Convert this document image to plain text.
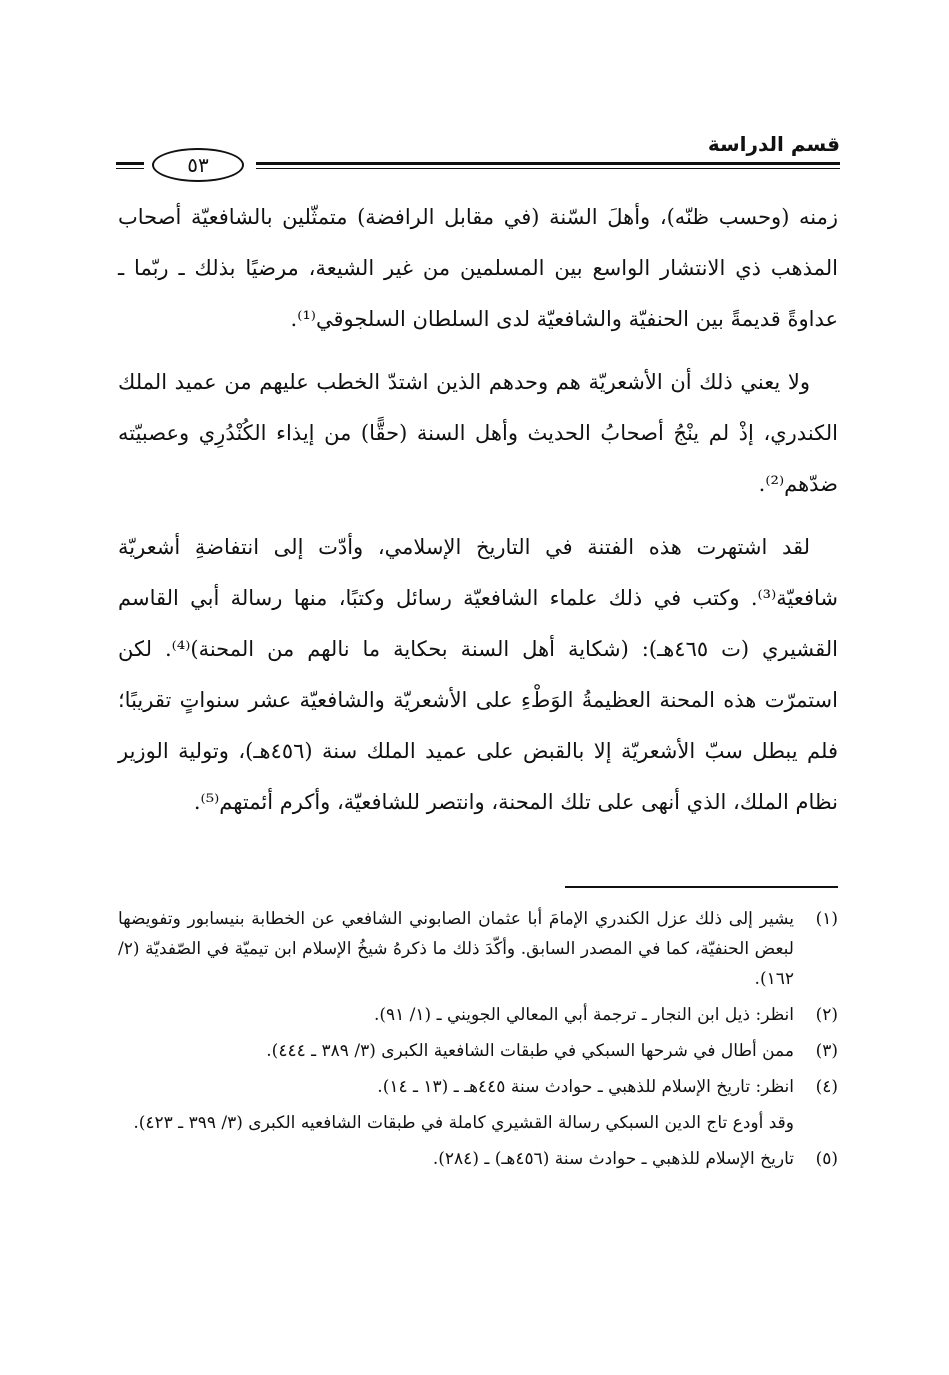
قسم الدراسة
٥٣

زمنه (وحسب ظنّه)، وأهلَ السّنة (في مقابل الرافضة) متمثّلين بالشافعيّة أصحاب المذهب ذي الانتشار الواسع بين المسلمين من غير الشيعة، مرضيًا بذلك ـ ربّما ـ عداوةً قديمةً بين الحنفيّة والشافعيّة لدى السلطان السلجوقي⁽¹⁾.

ولا يعني ذلك أن الأشعريّة هم وحدهم الذين اشتدّ الخطب عليهم من عميد الملك الكندري، إذْ لم ينْجُ أصحابُ الحديث وأهل السنة (حقًّا) من إيذاء الكُنْدُرِي وعصبيّته ضدّهم⁽²⁾.

لقد اشتهرت هذه الفتنة في التاريخ الإسلامي، وأدّت إلى انتفاضةِ أشعريّة شافعيّة⁽³⁾. وكتب في ذلك علماء الشافعيّة رسائل وكتبًا، منها رسالة أبي القاسم القشيري (ت ٤٦٥هـ): (شكاية أهل السنة بحكاية ما نالهم من المحنة)⁽⁴⁾. لكن استمرّت هذه المحنة العظيمةُ الوَطْءِ على الأشعريّة والشافعيّة عشر سنواتٍ تقريبًا؛ فلم يبطل سبّ الأشعريّة إلا بالقبض على عميد الملك سنة (٤٥٦هـ)، وتولية الوزير نظام الملك، الذي أنهى على تلك المحنة، وانتصر للشافعيّة، وأكرم أئمتهم⁽⁵⁾.

(١)
يشير إلى ذلك عزل الكندري الإمامَ أبا عثمان الصابوني الشافعي عن الخطابة بنيسابور وتفويضها لبعض الحنفيّة، كما في المصدر السابق. وأكّدَ ذلك ما ذكرهُ شيخُ الإسلام ابن تيميّة في الصّفديّة (٢/ ١٦٢).
(٢)
انظر: ذيل ابن النجار ـ ترجمة أبي المعالي الجويني ـ (١/ ٩١).
(٣)
ممن أطال في شرحها السبكي في طبقات الشافعية الكبرى (٣/ ٣٨٩ ـ ٤٤٤).
(٤)
انظر: تاريخ الإسلام للذهبي ـ حوادث سنة ٤٤٥هـ ـ (١٣ ـ ١٤).
وقد أودع تاج الدين السبكي رسالة القشيري كاملة في طبقات الشافعيه الكبرى (٣/ ٣٩٩ ـ ٤٢٣).
(٥)
تاريخ الإسلام للذهبي ـ حوادث سنة (٤٥٦هـ) ـ (٢٨٤).
